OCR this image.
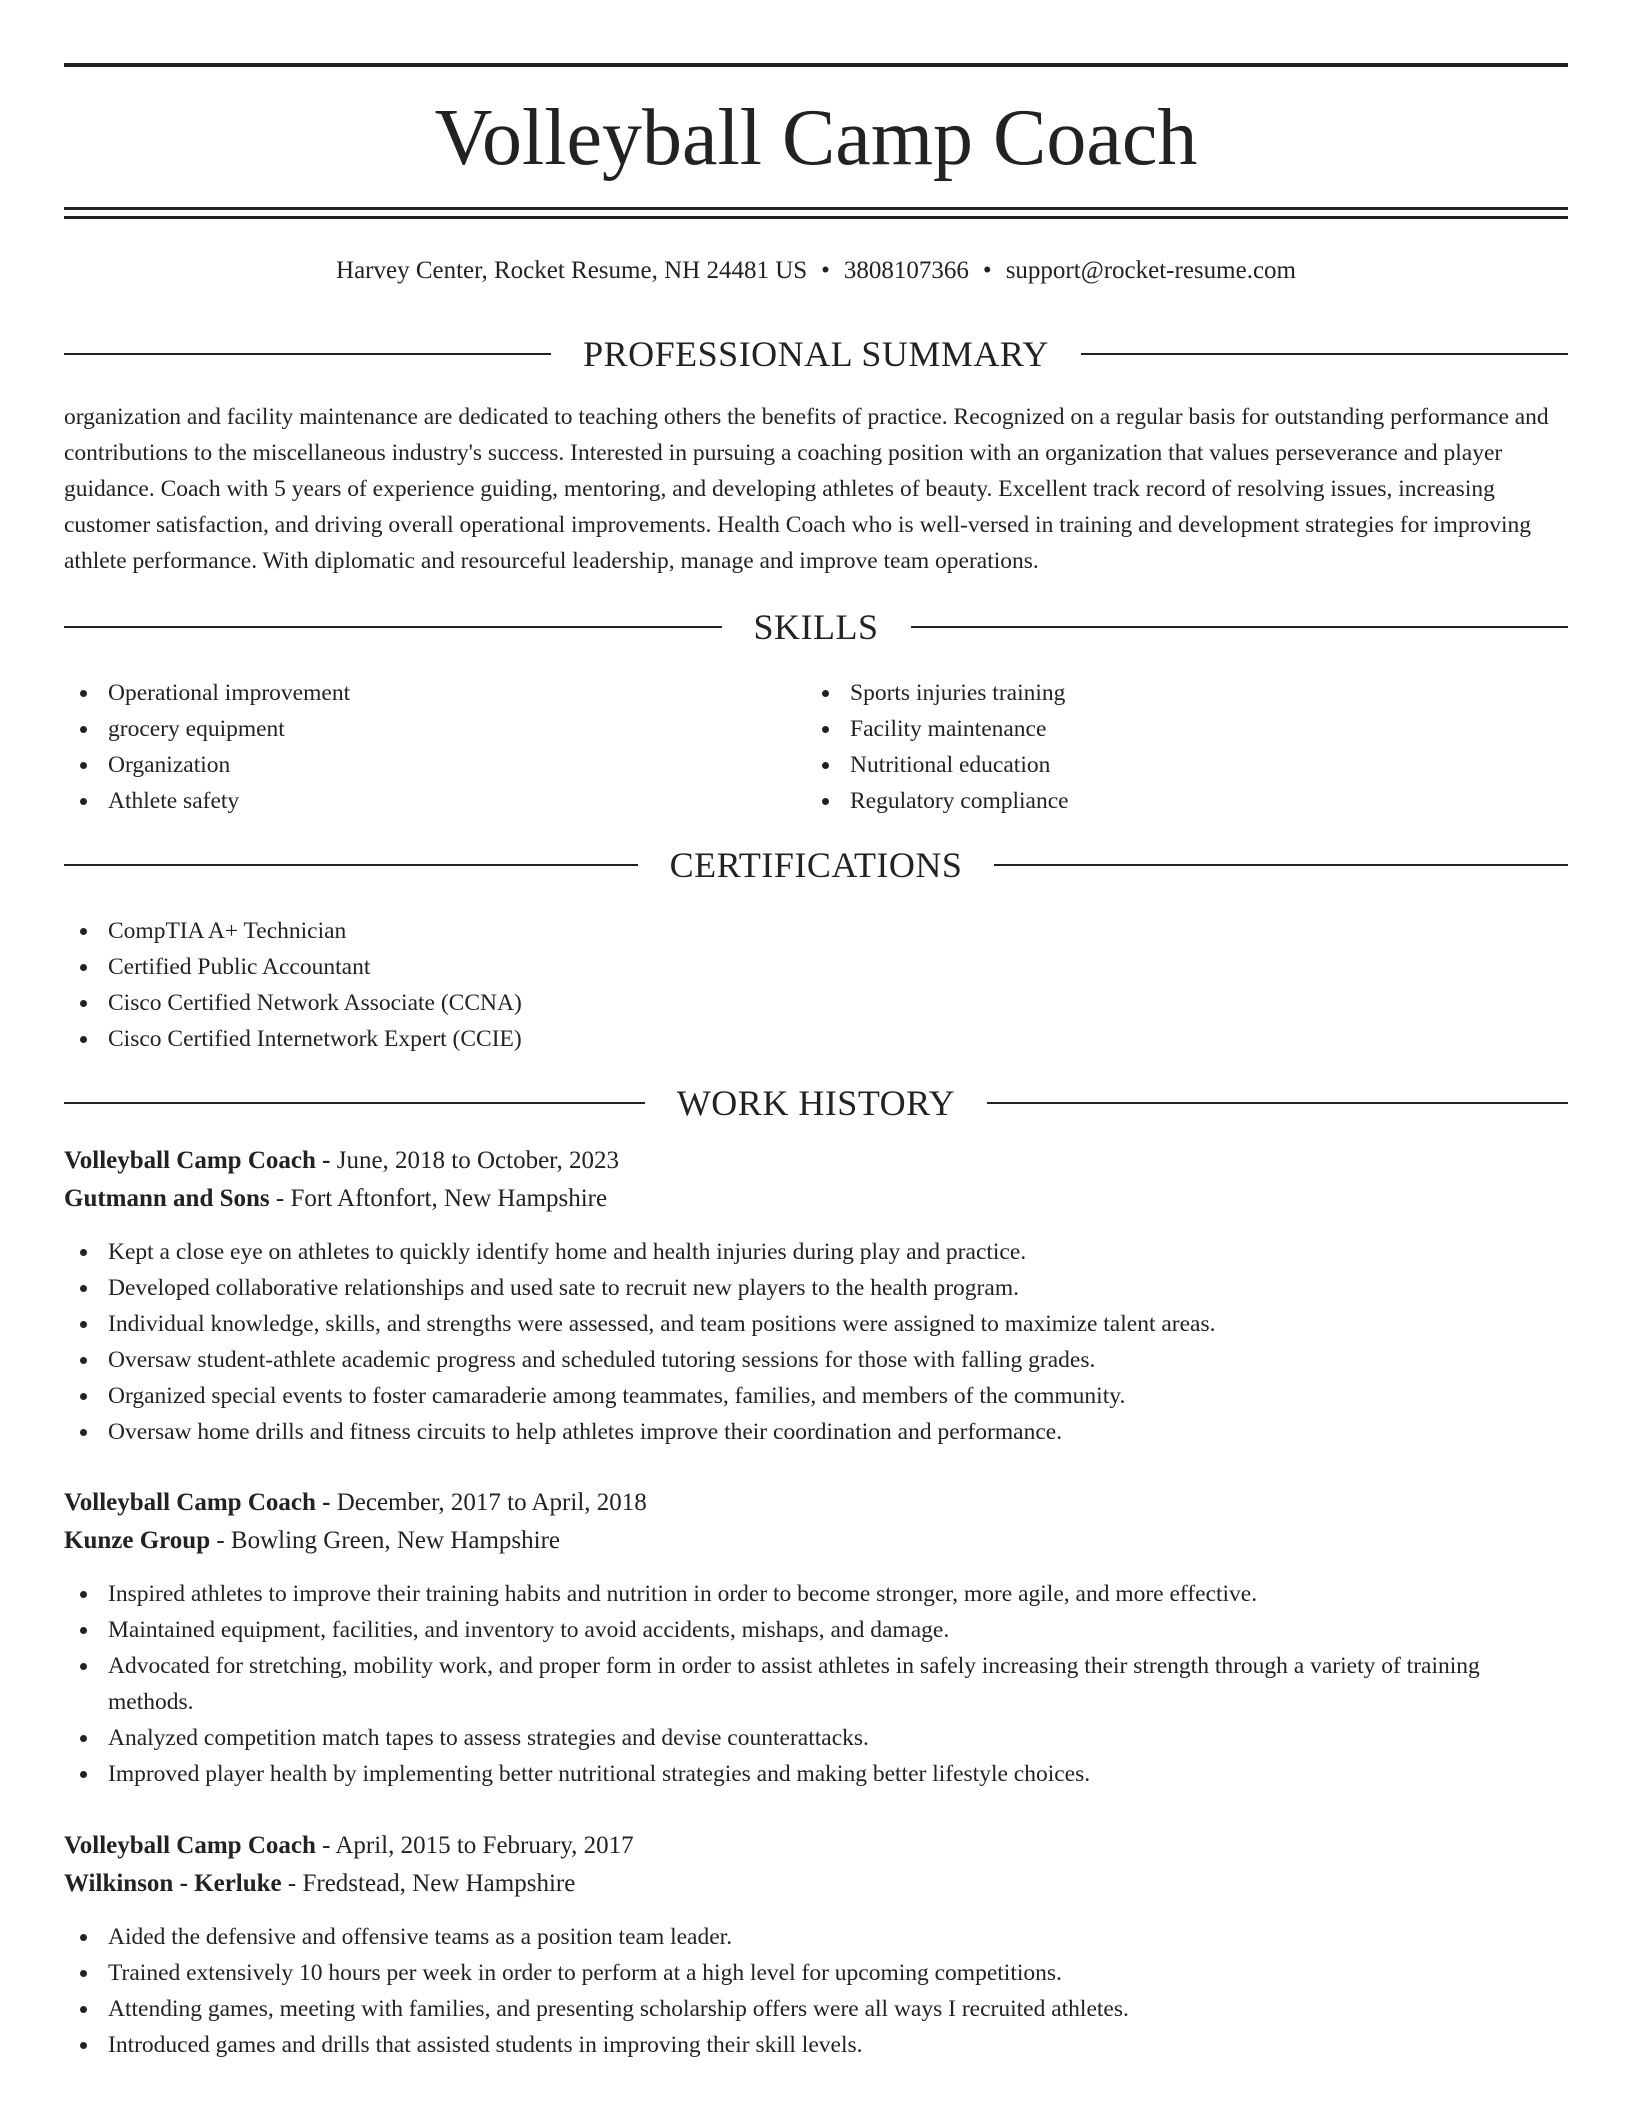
Volleyball Camp Coach
Harvey Center, Rocket Resume, NH 24481 US • 3808107366 • support@rocket-resume.com
PROFESSIONAL SUMMARY

organization and facility maintenance are dedicated to teaching others the benefits of practice. Recognized on a regular basis for outstanding performance and contributions to the miscellaneous industry's success. Interested in pursuing a coaching position with an organization that values perseverance and player guidance. Coach with 5 years of experience guiding, mentoring, and developing athletes of beauty. Excellent track record of resolving issues, increasing customer satisfaction, and driving overall operational improvements. Health Coach who is well-versed in training and development strategies for improving athlete performance. With diplomatic and resourceful leadership, manage and improve team operations.

SKILLS
Operational improvement
grocery equipment
Organization
Athlete safety
Sports injuries training
Facility maintenance
Nutritional education
Regulatory compliance
CERTIFICATIONS
CompTIA A+ Technician
Certified Public Accountant
Cisco Certified Network Associate (CCNA)
Cisco Certified Internetwork Expert (CCIE)
WORK HISTORY
Volleyball Camp Coach - June, 2018 to October, 2023
Gutmann and Sons - Fort Aftonfort, New Hampshire
Kept a close eye on athletes to quickly identify home and health injuries during play and practice.
Developed collaborative relationships and used sate to recruit new players to the health program.
Individual knowledge, skills, and strengths were assessed, and team positions were assigned to maximize talent areas.
Oversaw student-athlete academic progress and scheduled tutoring sessions for those with falling grades.
Organized special events to foster camaraderie among teammates, families, and members of the community.
Oversaw home drills and fitness circuits to help athletes improve their coordination and performance.
Volleyball Camp Coach - December, 2017 to April, 2018
Kunze Group - Bowling Green, New Hampshire
Inspired athletes to improve their training habits and nutrition in order to become stronger, more agile, and more effective.
Maintained equipment, facilities, and inventory to avoid accidents, mishaps, and damage.
Advocated for stretching, mobility work, and proper form in order to assist athletes in safely increasing their strength through a variety of training methods.
Analyzed competition match tapes to assess strategies and devise counterattacks.
Improved player health by implementing better nutritional strategies and making better lifestyle choices.
Volleyball Camp Coach - April, 2015 to February, 2017
Wilkinson - Kerluke - Fredstead, New Hampshire
Aided the defensive and offensive teams as a position team leader.
Trained extensively 10 hours per week in order to perform at a high level for upcoming competitions.
Attending games, meeting with families, and presenting scholarship offers were all ways I recruited athletes.
Introduced games and drills that assisted students in improving their skill levels.
